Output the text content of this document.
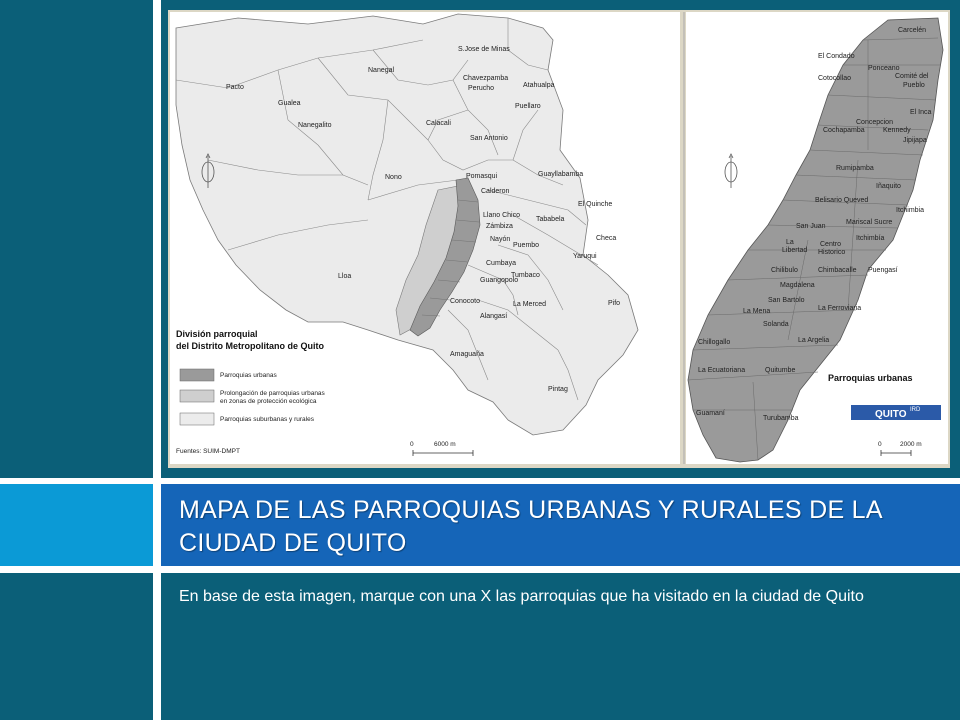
Pacto
Gualea
Nanegal
Nanegalito
S.Jose de Minas
Atahualpa
Chavezpamba
Perucho
Puellaro
Calacali
San Antonio
Nono	Pomasqui
Calderon
Guayllabamba
El Quinche
Llano Chico
Zámbiza
Tababela
Nayón
Puembo
Checa
Yaruqui
Cumbaya
Tumbaco
Guangopolo
Lloa
Conocoto	La Merced
Alangasí
Pifo
Amaguaña
Pintag
División parroquial
del Distrito Metropolitano de Quito
Parroquias urbanas
Prolongación de parroquias urbanas
en zonas de protección ecológica
Parroquias suburbanas y rurales
Fuentes: SUIM-DMPT
0	6000 m
Carcelén
El Condado
Ponceano
Cotocollao	Comité del
Pueblo
El Inca
Concepcion
Cochapamba	Kennedy
Jipijapa
Rumipamba
Iñaquito
Belisario Queved
Itchimbia
Mariscal Sucre
San Juan
La
Libertad
Centro
Historico
Itchimbía
Chilibulo	Chimbacalle Puengasí
Magdalena
San Bartolo
La Ferroviaria
La Mena
Solanda
La Argelia
Chillogallo
La Ecuatoriana	Quitumbe
Guamaní
Turubamba
Parroquias urbanas
QUITO IRD
0	2000 m
MAPA DE LAS PARROQUIAS URBANAS Y RURALES DE LA CIUDAD DE QUITO
En base de esta imagen, marque con una X las parroquias que ha visitado en la ciudad de Quito
